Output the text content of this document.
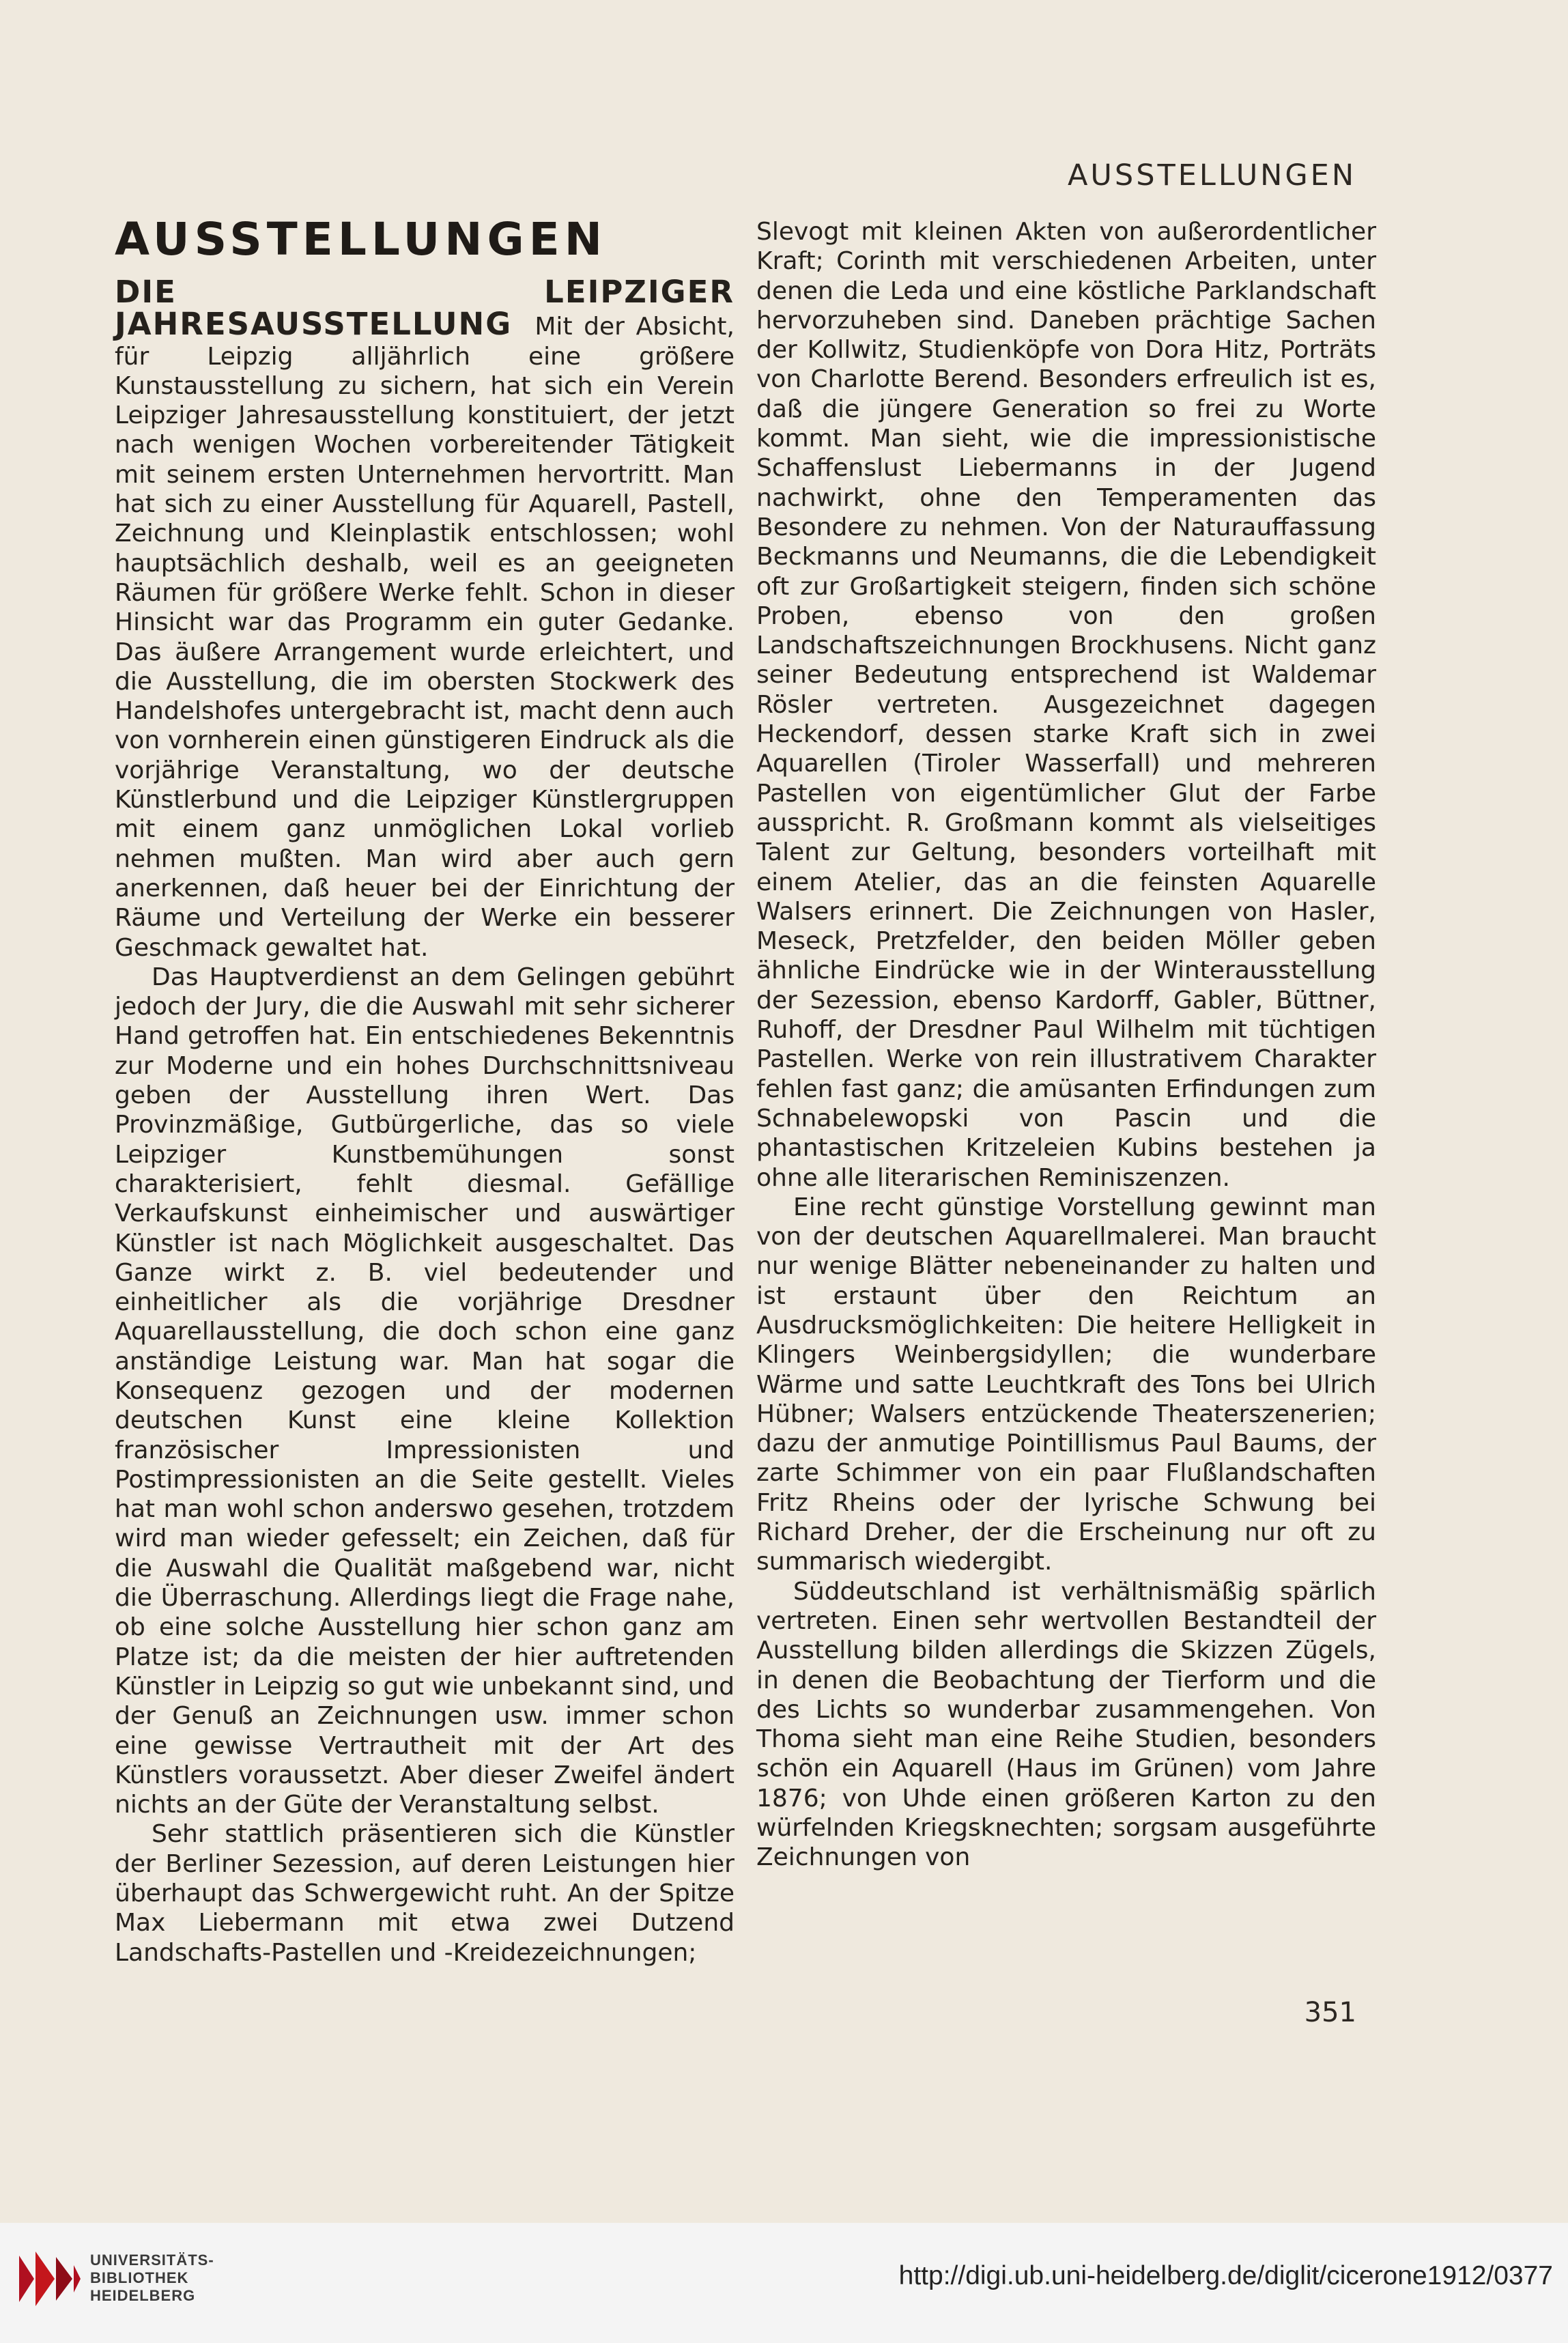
AUSSTELLUNGEN
AUSSTELLUNGEN

DIE LEIPZIGER JAHRESAUSSTELLUNG Mit der Absicht, für Leipzig alljährlich eine größere Kunstausstellung zu sichern, hat sich ein Verein Leipziger Jahresausstellung konstituiert, der jetzt nach wenigen Wochen vorbereitender Tätigkeit mit seinem ersten Unternehmen hervortritt. Man hat sich zu einer Ausstellung für Aquarell, Pastell, Zeichnung und Kleinplastik entschlossen; wohl hauptsächlich deshalb, weil es an geeigneten Räumen für größere Werke fehlt. Schon in dieser Hinsicht war das Programm ein guter Gedanke. Das äußere Arrangement wurde erleichtert, und die Ausstellung, die im obersten Stockwerk des Handelshofes untergebracht ist, macht denn auch von vornherein einen günstigeren Eindruck als die vorjährige Veranstaltung, wo der deutsche Künstlerbund und die Leipziger Künstlergruppen mit einem ganz unmöglichen Lokal vorlieb nehmen mußten. Man wird aber auch gern anerkennen, daß heuer bei der Einrichtung der Räume und Verteilung der Werke ein besserer Geschmack gewaltet hat.

Das Hauptverdienst an dem Gelingen gebührt jedoch der Jury, die die Auswahl mit sehr sicherer Hand getroffen hat. Ein entschiedenes Bekenntnis zur Moderne und ein hohes Durchschnittsniveau geben der Ausstellung ihren Wert. Das Provinzmäßige, Gutbürgerliche, das so viele Leipziger Kunstbemühungen sonst charakterisiert, fehlt diesmal. Gefällige Verkaufskunst einheimischer und auswärtiger Künstler ist nach Möglichkeit ausgeschaltet. Das Ganze wirkt z. B. viel bedeutender und einheitlicher als die vorjährige Dresdner Aquarellausstellung, die doch schon eine ganz anständige Leistung war. Man hat sogar die Konsequenz gezogen und der modernen deutschen Kunst eine kleine Kollektion französischer Impressionisten und Postimpressionisten an die Seite gestellt. Vieles hat man wohl schon anderswo gesehen, trotzdem wird man wieder gefesselt; ein Zeichen, daß für die Auswahl die Qualität maßgebend war, nicht die Überraschung. Allerdings liegt die Frage nahe, ob eine solche Ausstellung hier schon ganz am Platze ist; da die meisten der hier auftretenden Künstler in Leipzig so gut wie unbekannt sind, und der Genuß an Zeichnungen usw. immer schon eine gewisse Vertrautheit mit der Art des Künstlers voraussetzt. Aber dieser Zweifel ändert nichts an der Güte der Veranstaltung selbst.

Sehr stattlich präsentieren sich die Künstler der Berliner Sezession, auf deren Leistungen hier überhaupt das Schwergewicht ruht. An der Spitze Max Liebermann mit etwa zwei Dutzend Landschafts-Pastellen und -Kreidezeichnungen;

Slevogt mit kleinen Akten von außerordentlicher Kraft; Corinth mit verschiedenen Arbeiten, unter denen die Leda und eine köstliche Parklandschaft hervorzuheben sind. Daneben prächtige Sachen der Kollwitz, Studienköpfe von Dora Hitz, Porträts von Charlotte Berend. Besonders erfreulich ist es, daß die jüngere Generation so frei zu Worte kommt. Man sieht, wie die impressionistische Schaffenslust Liebermanns in der Jugend nachwirkt, ohne den Temperamenten das Besondere zu nehmen. Von der Naturauffassung Beckmanns und Neumanns, die die Lebendigkeit oft zur Großartigkeit steigern, finden sich schöne Proben, ebenso von den großen Landschaftszeichnungen Brockhusens. Nicht ganz seiner Bedeutung entsprechend ist Waldemar Rösler vertreten. Ausgezeichnet dagegen Heckendorf, dessen starke Kraft sich in zwei Aquarellen (Tiroler Wasserfall) und mehreren Pastellen von eigentümlicher Glut der Farbe ausspricht. R. Großmann kommt als vielseitiges Talent zur Geltung, besonders vorteilhaft mit einem Atelier, das an die feinsten Aquarelle Walsers erinnert. Die Zeichnungen von Hasler, Meseck, Pretzfelder, den beiden Möller geben ähnliche Eindrücke wie in der Winterausstellung der Sezession, ebenso Kardorff, Gabler, Büttner, Ruhoff, der Dresdner Paul Wilhelm mit tüchtigen Pastellen. Werke von rein illustrativem Charakter fehlen fast ganz; die amüsanten Erfindungen zum Schnabelewopski von Pascin und die phantastischen Kritzeleien Kubins bestehen ja ohne alle literarischen Reminiszenzen.

Eine recht günstige Vorstellung gewinnt man von der deutschen Aquarellmalerei. Man braucht nur wenige Blätter nebeneinander zu halten und ist erstaunt über den Reichtum an Ausdrucksmöglichkeiten: Die heitere Helligkeit in Klingers Weinbergsidyllen; die wunderbare Wärme und satte Leuchtkraft des Tons bei Ulrich Hübner; Walsers entzückende Theaterszenerien; dazu der anmutige Pointillismus Paul Baums, der zarte Schimmer von ein paar Flußlandschaften Fritz Rheins oder der lyrische Schwung bei Richard Dreher, der die Erscheinung nur oft zu summarisch wiedergibt.

Süddeutschland ist verhältnismäßig spärlich vertreten. Einen sehr wertvollen Bestandteil der Ausstellung bilden allerdings die Skizzen Zügels, in denen die Beobachtung der Tierform und die des Lichts so wunderbar zusammengehen. Von Thoma sieht man eine Reihe Studien, besonders schön ein Aquarell (Haus im Grünen) vom Jahre 1876; von Uhde einen größeren Karton zu den würfelnden Kriegsknechten; sorgsam ausgeführte Zeichnungen von

351
UNIVERSITÄTS-
BIBLIOTHEK
HEIDELBERG
http://digi.ub.uni-heidelberg.de/diglit/cicerone1912/0377
